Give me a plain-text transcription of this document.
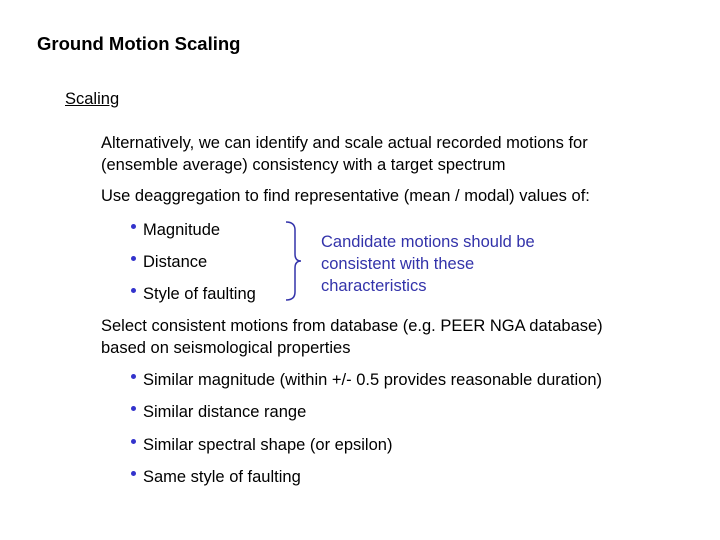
Ground Motion Scaling
Scaling
Alternatively, we can identify and scale actual recorded motions for
(ensemble average) consistency with a target spectrum
Use deaggregation to find representative (mean / modal) values of:
Magnitude
Distance
Style of faulting
Candidate motions should be
consistent with these
characteristics
Select consistent motions from database (e.g. PEER NGA database)
based on seismological properties
Similar magnitude (within +/- 0.5 provides reasonable duration)
Similar distance range
Similar spectral shape (or epsilon)
Same style of faulting
